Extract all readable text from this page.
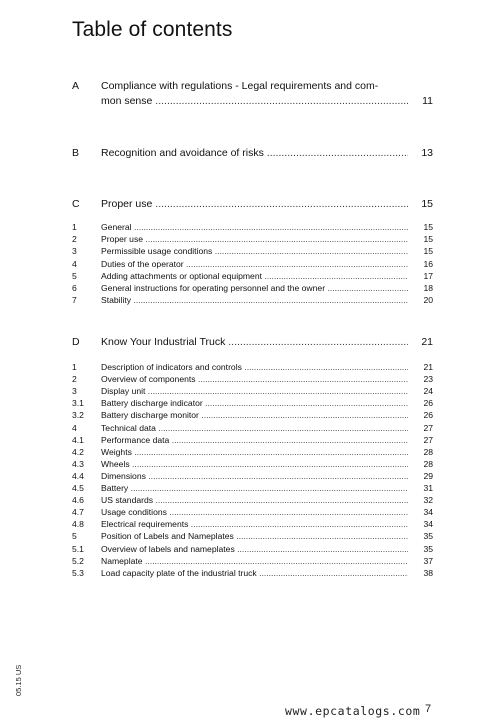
Table of contents
A Compliance with regulations - Legal requirements and com-
mon sense .....	11
B Recognition and avoidance of risks .....	13
C Proper use .....	15
1	General .....	15
2	Proper use .....	15
3	Permissible usage conditions .....	15
4	Duties of the operator .....	16
5	Adding attachments or optional equipment .....	17
6	General instructions for operating personnel and the owner .....	18
7	Stability .....	20
D Know Your Industrial Truck .....	21
1	Description of indicators and controls .....	21
2	Overview of components .....	23
3	Display unit .....	24
3.1 Battery discharge indicator .....	26
3.2 Battery discharge monitor .....	26
4	Technical data .....	27
4.1 Performance data .....	27
4.2 Weights .....	28
4.3 Wheels .....	28
4.4 Dimensions .....	29
4.5 Battery .....	31
4.6 US standards .....	32
4.7 Usage conditions .....	34
4.8 Electrical requirements .....	34
5	Position of Labels and Nameplates .....	35
5.1 Overview of labels and nameplates .....	35
5.2 Nameplate .....	37
5.3 Load capacity plate of the industrial truck .....	38
05.15 US
www.epcatalogs.com 7
